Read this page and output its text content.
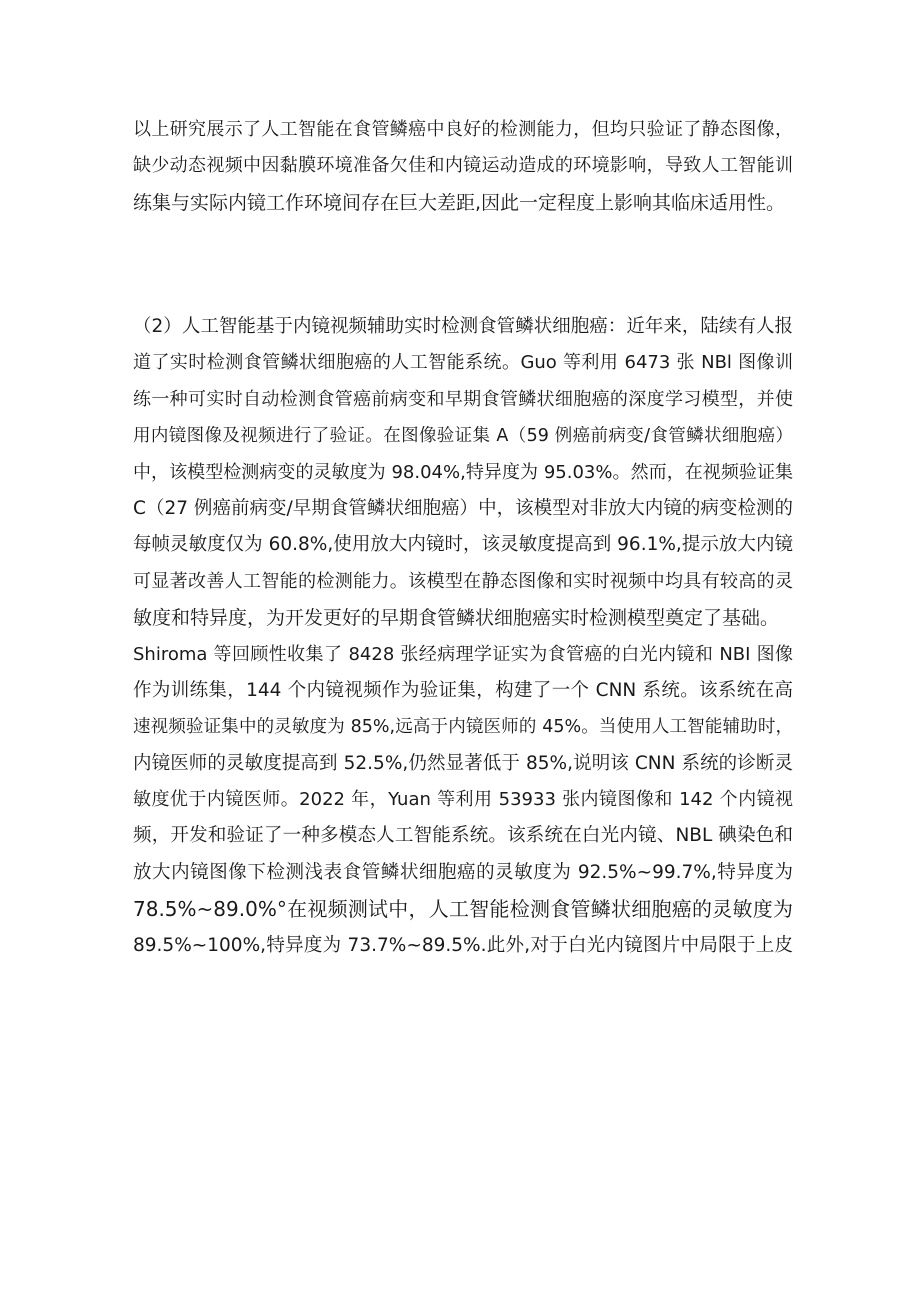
以上研究展示了人工智能在食管鳞癌中良好的检测能力，但均只验证了静态图像，
缺少动态视频中因黏膜环境准备欠佳和内镜运动造成的环境影响，导致人工智能训
练集与实际内镜工作环境间存在巨大差距,因此一定程度上影响其临床适用性。
（2）人工智能基于内镜视频辅助实时检测食管鳞状细胞癌：近年来，陆续有人报
道了实时检测食管鳞状细胞癌的人工智能系统。Guo 等利用 6473 张 NBl 图像训
练一种可实时自动检测食管癌前病变和早期食管鳞状细胞癌的深度学习模型，并使
用内镜图像及视频进行了验证。在图像验证集 A（59 例癌前病变/食管鳞状细胞癌）
中，该模型检测病变的灵敏度为 98.04%,特异度为 95.03%。然而，在视频验证集
C（27 例癌前病变/早期食管鳞状细胞癌）中，该模型对非放大内镜的病变检测的
每帧灵敏度仅为 60.8%,使用放大内镜时，该灵敏度提高到 96.1%,提示放大内镜
可显著改善人工智能的检测能力。该模型在静态图像和实时视频中均具有较高的灵
敏度和特异度，为开发更好的早期食管鳞状细胞癌实时检测模型奠定了基础。
Shiroma 等回顾性收集了 8428 张经病理学证实为食管癌的白光内镜和 NBI 图像
作为训练集，144 个内镜视频作为验证集，构建了一个 CNN 系统。该系统在高
速视频验证集中的灵敏度为 85%,远高于内镜医师的 45%。当使用人工智能辅助时，
内镜医师的灵敏度提高到 52.5%,仍然显著低于 85%,说明该 CNN 系统的诊断灵
敏度优于内镜医师。2022 年，Yuan 等利用 53933 张内镜图像和 142 个内镜视
频，开发和验证了一种多模态人工智能系统。该系统在白光内镜、NBL 碘染色和
放大内镜图像下检测浅表食管鳞状细胞癌的灵敏度为 92.5%~99.7%,特异度为
78.5%~89.0%°在视频测试中，人工智能检测食管鳞状细胞癌的灵敏度为
89.5%~100%,特异度为 73.7%~89.5%.此外,对于白光内镜图片中局限于上皮
